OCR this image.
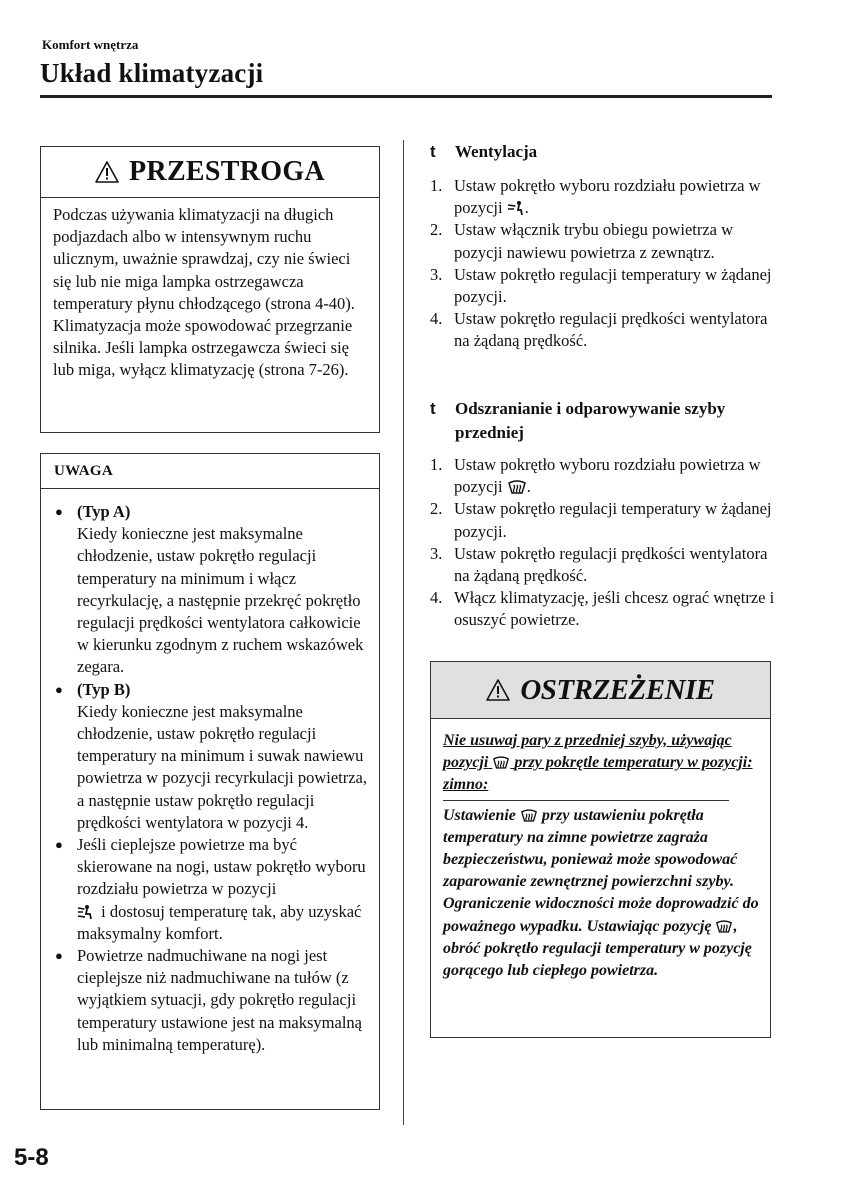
Komfort wnętrza
Układ klimatyzacji
PRZESTROGA
Podczas używania klimatyzacji na długich podjazdach albo w intensywnym ruchu ulicznym, uważnie sprawdzaj, czy nie świeci się lub nie miga lampka ostrzegawcza temperatury płynu chłodzącego (strona 4-40). Klimatyzacja może spowodować przegrzanie silnika. Jeśli lampka ostrzegawcza świeci się lub miga, wyłącz klimatyzację (strona 7-26).
UWAGA
● (Typ A)
Kiedy konieczne jest maksymalne chłodzenie, ustaw pokrętło regulacji temperatury na minimum i włącz recyrkulację, a następnie przekręć pokrętło regulacji prędkości wentylatora całkowicie w kierunku zgodnym z ruchem wskazówek zegara.
● (Typ B)
Kiedy konieczne jest maksymalne chłodzenie, ustaw pokrętło regulacji temperatury na minimum i suwak nawiewu powietrza w pozycji recyrkulacji powietrza, a następnie ustaw pokrętło regulacji prędkości wentylatora w pozycji 4.
● Jeśli cieplejsze powietrze ma być skierowane na nogi, ustaw pokrętło wyboru rozdziału powietrza w pozycji
i dostosuj temperaturę tak, aby uzyskać maksymalny komfort.
● Powietrze nadmuchiwane na nogi jest cieplejsze niż nadmuchiwane na tułów (z wyjątkiem sytuacji, gdy pokrętło regulacji temperatury ustawione jest na maksymalną lub minimalną temperaturę).
t	Wentylacja
1. Ustaw pokrętło wyboru rozdziału powietrza w pozycji .
2. Ustaw włącznik trybu obiegu powietrza w pozycji nawiewu powietrza z zewnątrz.
3. Ustaw pokrętło regulacji temperatury w żądanej pozycji.
4. Ustaw pokrętło regulacji prędkości wentylatora na żądaną prędkość.
t	Odszranianie i odparowywanie szyby przedniej
1. Ustaw pokrętło wyboru rozdziału powietrza w pozycji .
2. Ustaw pokrętło regulacji temperatury w żądanej pozycji.
3. Ustaw pokrętło regulacji prędkości wentylatora na żądaną prędkość.
4. Włącz klimatyzację, jeśli chcesz ograć wnętrze i osuszyć powietrze.
OSTRZEŻENIE
Nie usuwaj pary z przedniej szyby, używając pozycji przy pokrętle temperatury w pozycji: zimno:
Ustawienie przy ustawieniu pokrętła temperatury na zimne powietrze zagraża bezpieczeństwu, ponieważ może spowodować zaparowanie zewnętrznej powierzchni szyby. Ograniczenie widoczności może doprowadzić do poważnego wypadku. Ustawiając pozycję , obróć pokrętło regulacji temperatury w pozycję gorącego lub ciepłego powietrza.
5-8
